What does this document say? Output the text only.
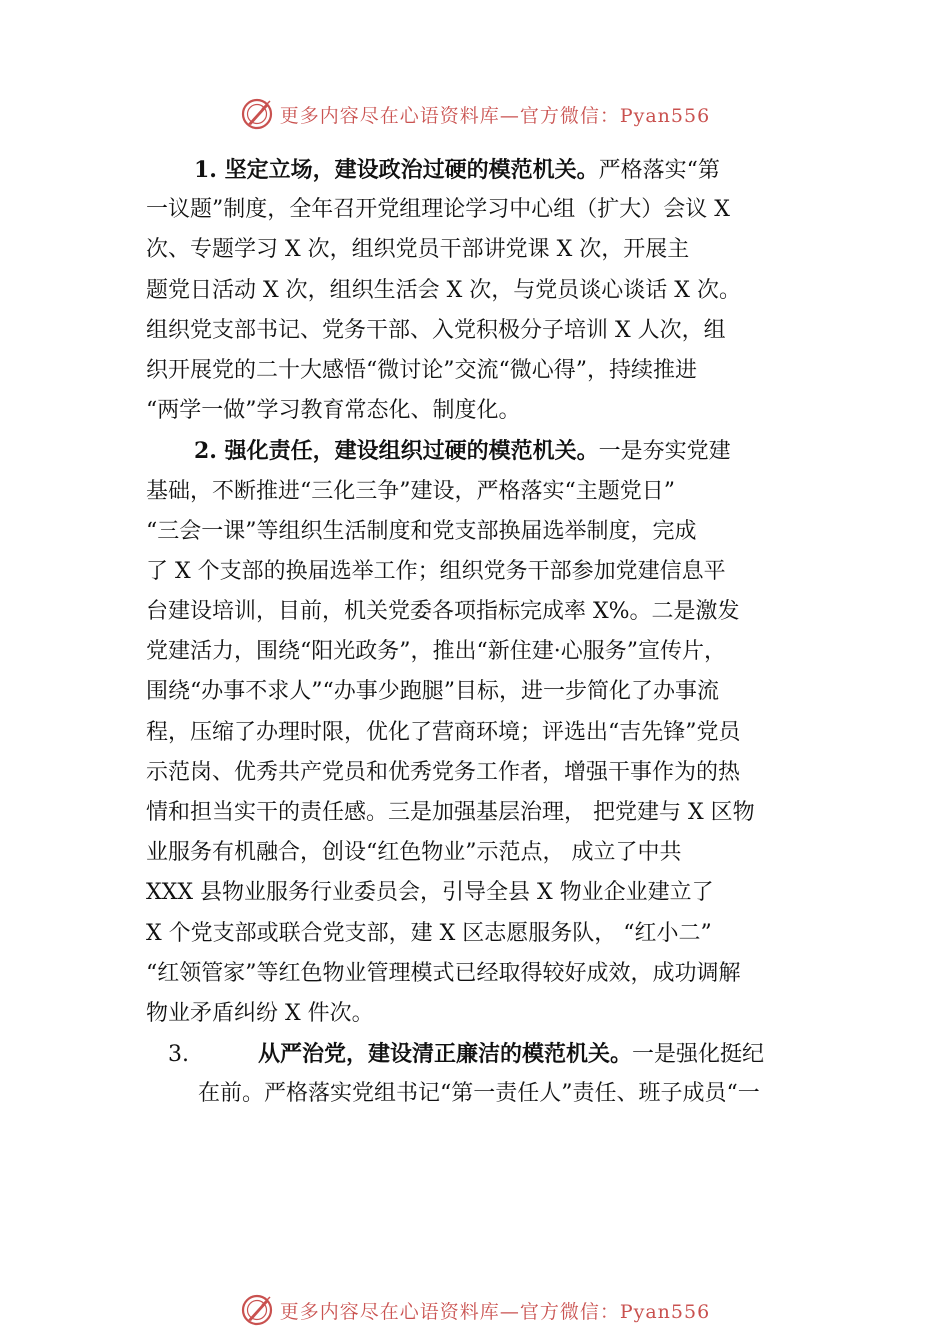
更多内容尽在心语资料库—官方微信：Pyan556
1. 坚定立场，建设政治过硬的模范机关。严格落实“第
一议题”制度，全年召开党组理论学习中心组（扩大）会议 X
次、专题学习 X 次，组织党员干部讲党课 X 次，开展主
题党日活动 X 次，组织生活会 X 次，与党员谈心谈话 X 次。
组织党支部书记、党务干部、入党积极分子培训 X 人次，组
织开展党的二十大感悟“微讨论”交流“微心得”，持续推进
“两学一做”学习教育常态化、制度化。
2. 强化责任，建设组织过硬的模范机关。一是夯实党建
基础，不断推进“三化三争”建设，严格落实“主题党日”
“三会一课”等组织生活制度和党支部换届选举制度，完成
了 X 个支部的换届选举工作；组织党务干部参加党建信息平
台建设培训，目前，机关党委各项指标完成率 X%。二是激发
党建活力，围绕“阳光政务”，推出“新住建·心服务”宣传片，
围绕“办事不求人”“办事少跑腿”目标，进一步简化了办事流
程，压缩了办理时限，优化了营商环境；评选出“吉先锋”党员
示范岗、优秀共产党员和优秀党务工作者，增强干事作为的热
情和担当实干的责任感。三是加强基层治理， 把党建与 X 区物
业服务有机融合，创设“红色物业”示范点， 成立了中共
XXX 县物业服务行业委员会，引导全县 X 物业企业建立了
X 个党支部或联合党支部，建 X 区志愿服务队， “红小二”
“红领管家”等红色物业管理模式已经取得较好成效，成功调解
物业矛盾纠纷 X 件次。
3.	从严治党，建设清正廉洁的模范机关。一是强化挺纪
在前。严格落实党组书记“第一责任人”责任、班子成员“一
更多内容尽在心语资料库—官方微信：Pyan556
